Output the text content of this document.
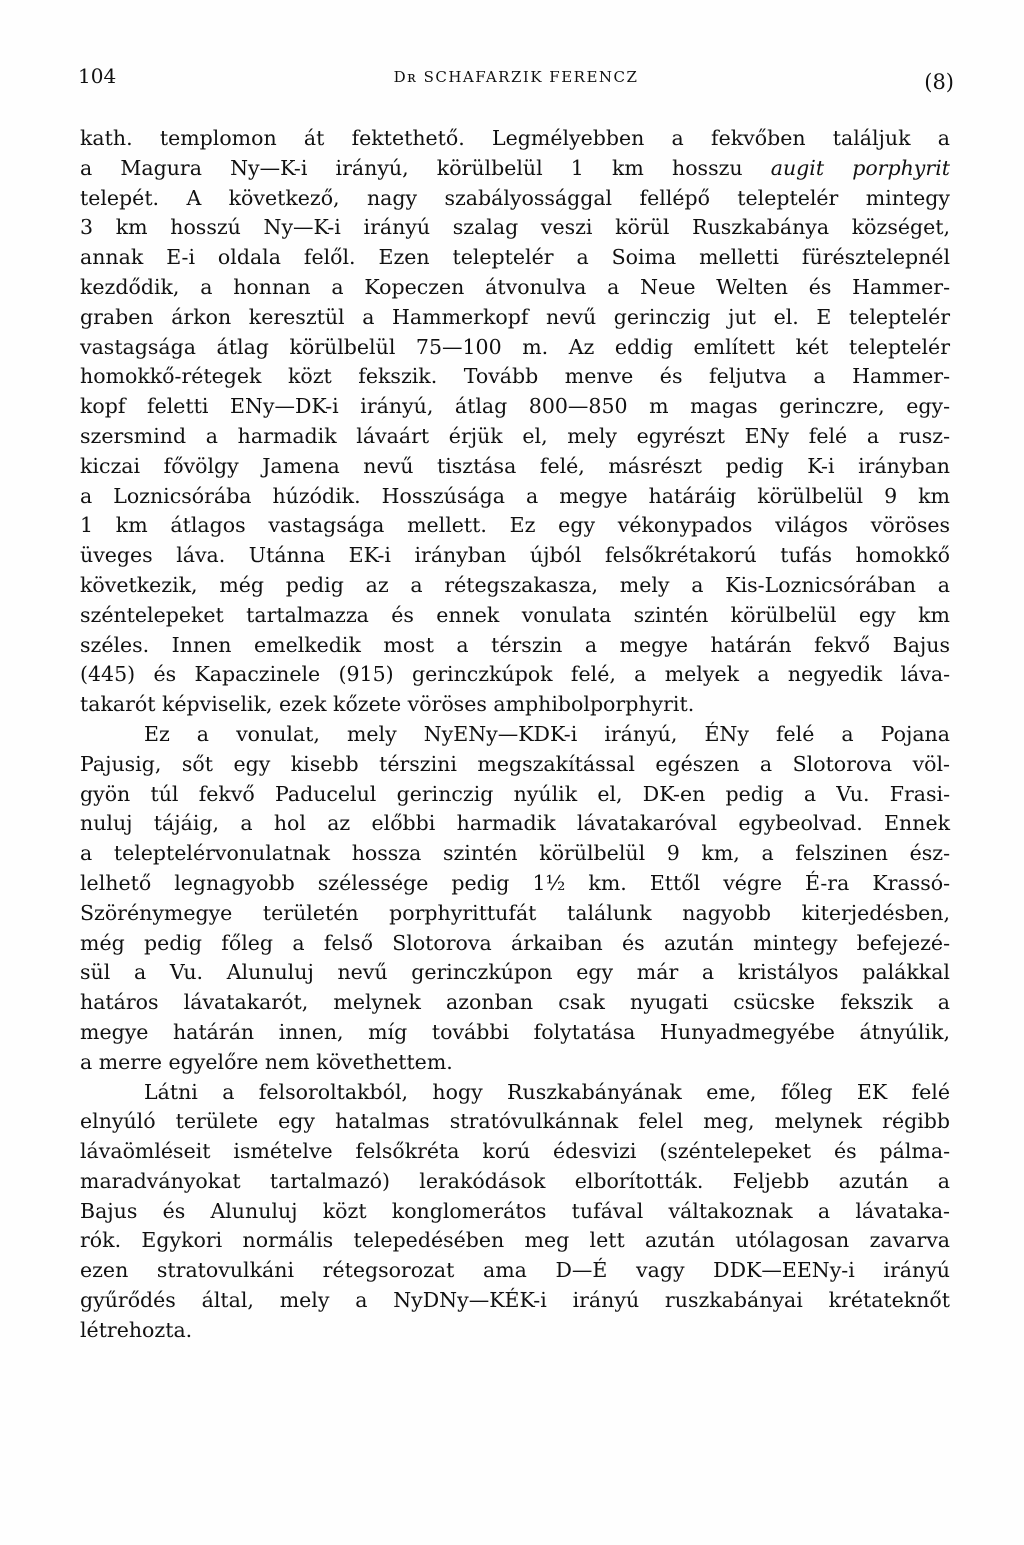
104	Dʀ SCHAFARZIK FERENCZ	(8)
kath. templomon át fektethető. Legmélyebben a fekvőben találjuk a
a Magura Ny—K-i irányú, körülbelül 1 km hosszu augit porphyrit
telepét. A következő, nagy szabályossággal fellépő teleptelér mintegy
3 km hosszú Ny—K-i irányú szalag veszi körül Ruszkabánya községet,
annak E-i oldala felől. Ezen teleptelér a Soima melletti fürésztelepnél
kezdődik, a honnan a Kopeczen átvonulva a Neue Welten és Hammer-
graben árkon keresztül a Hammerkopf nevű gerinczig jut el. E teleptelér
vastagsága átlag körülbelül 75—100 m. Az eddig említett két teleptelér
homokkő-rétegek közt fekszik. Tovább menve és feljutva a Hammer-
kopf feletti ENy—DK-i irányú, átlag 800—850 m magas gerinczre, egy-
szersmind a harmadik lávaárt érjük el, mely egyrészt ENy felé a rusz-
kiczai fővölgy Jamena nevű tisztása felé, másrészt pedig K-i irányban
a Loznicsórába húzódik. Hosszúsága a megye határáig körülbelül 9 km
1 km átlagos vastagsága mellett. Ez egy vékonypados világos vöröses
üveges láva. Utánna EK-i irányban újból felsőkrétakorú tufás homokkő
következik, még pedig az a rétegszakasza, mely a Kis-Loznicsórában a
széntelepeket tartalmazza és ennek vonulata szintén körülbelül egy km
széles. Innen emelkedik most a térszin a megye határán fekvő Bajus
(445) és Kapaczinele (915) gerinczkúpok felé, a melyek a negyedik láva-
takarót képviselik, ezek kőzete vöröses amphibolporphyrit.
Ez a vonulat, mely NyENy—KDK-i irányú, ÉNy felé a Pojana
Pajusig, sőt egy kisebb térszini megszakítással egészen a Slotorova völ-
gyön túl fekvő Paducelul gerinczig nyúlik el, DK-en pedig a Vu. Frasi-
nuluj tájáig, a hol az előbbi harmadik lávatakaróval egybeolvad. Ennek
a teleptelérvonulatnak hossza szintén körülbelül 9 km, a felszinen ész-
lelhető legnagyobb szélessége pedig 1½ km. Ettől végre É-ra Krassó-
Szörénymegye területén porphyrittufát találunk nagyobb kiterjedésben,
még pedig főleg a felső Slotorova árkaiban és azután mintegy befejezé-
sül a Vu. Alunuluj nevű gerinczkúpon egy már a kristályos palákkal
határos lávatakarót, melynek azonban csak nyugati csücske fekszik a
megye határán innen, míg további folytatása Hunyadmegyébe átnyúlik,
a merre egyelőre nem követhettem.
Látni a felsoroltakból, hogy Ruszkabányának eme, főleg EK felé
elnyúló területe egy hatalmas stratóvulkánnak felel meg, melynek régibb
lávaömléseit ismételve felsőkréta korú édesvizi (széntelepeket és pálma-
maradványokat tartalmazó) lerakódások elborították. Feljebb azután a
Bajus és Alunuluj közt konglomerátos tufával váltakoznak a lávataka-
rók. Egykori normális telepedésében meg lett azután utólagosan zavarva
ezen stratovulkáni rétegsorozat ama D—É vagy DDK—EENy-i irányú
gyűrődés által, mely a NyDNy—KÉK-i irányú ruszkabányai krétateknőt
létrehozta.
